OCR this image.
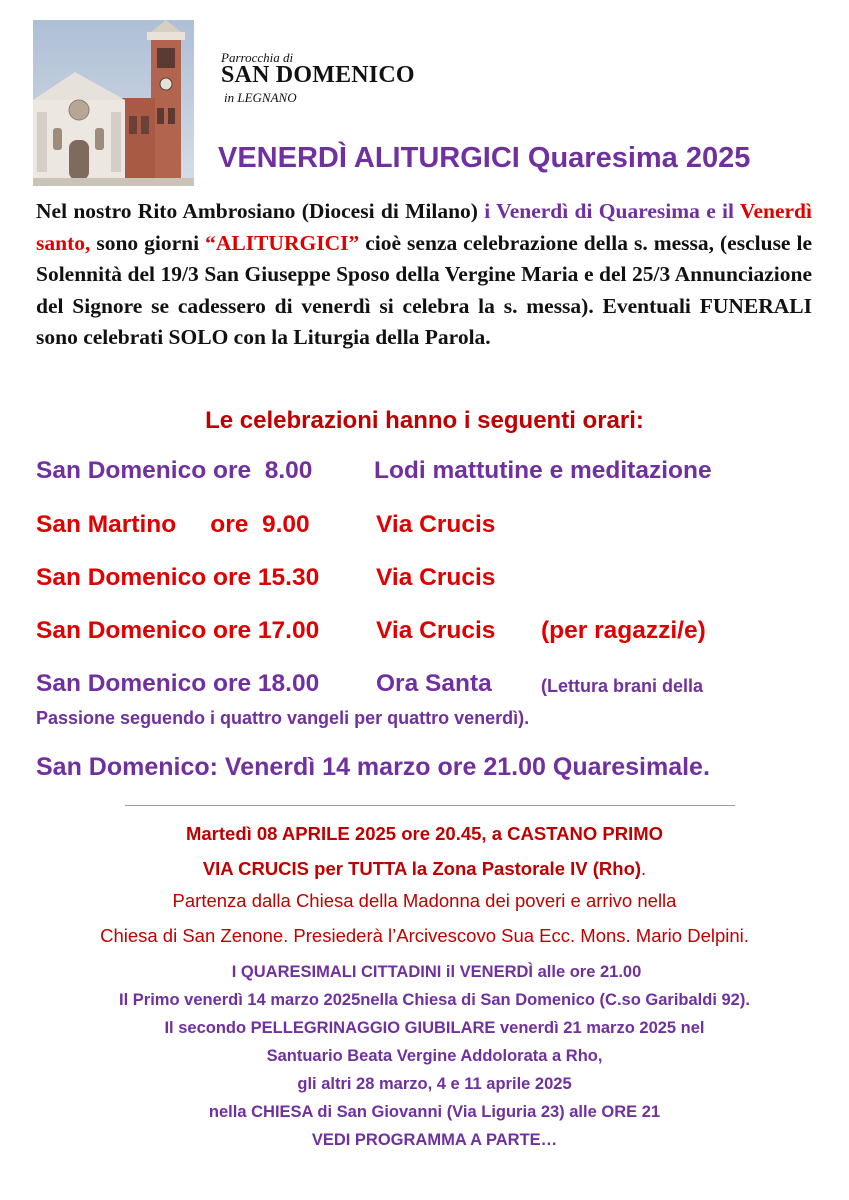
Parrocchia di
SAN DOMENICO
in LEGNANO
VENERDÌ ALITURGICI Quaresima 2025
Nel nostro Rito Ambrosiano (Diocesi di Milano) i Venerdì di Quaresima e il Venerdì santo, sono giorni “ALITURGICI” cioè senza celebrazione della s. messa, (escluse le Solennità del 19/3 San Giuseppe Sposo della Vergine Maria e del 25/3 Annunciazione del Signore se cadessero di venerdì si celebra la s. messa). Eventuali FUNERALI sono celebrati SOLO con la Liturgia della Parola.
Le celebrazioni hanno i seguenti orari:
San Domenico ore  8.00	Lodi mattutine e meditazione
San Martino     ore  9.00	Via Crucis
San Domenico ore 15.30 Via Crucis
San Domenico ore 17.00 Via Crucis (per ragazzi/e)
San Domenico ore 18.00 Ora Santa	(Lettura brani della
Passione seguendo i quattro vangeli per quattro venerdì).
San Domenico: Venerdì 14 marzo ore 21.00 Quaresimale.
Martedì 08 APRILE 2025 ore 20.45, a CASTANO PRIMO
VIA CRUCIS per TUTTA la Zona Pastorale IV (Rho).
Partenza dalla Chiesa della Madonna dei poveri e arrivo nella
Chiesa di San Zenone. Presiederà l’Arcivescovo Sua Ecc. Mons. Mario Delpini.
I QUARESIMALI CITTADINI il VENERDÌ alle ore 21.00
Il Primo venerdì 14 marzo 2025nella Chiesa di San Domenico (C.so Garibaldi 92).
Il secondo PELLEGRINAGGIO GIUBILARE venerdì 21 marzo 2025 nel
Santuario Beata Vergine Addolorata a Rho,
gli altri 28 marzo, 4 e 11 aprile 2025
nella CHIESA di San Giovanni (Via Liguria 23) alle ORE 21
VEDI PROGRAMMA A PARTE…
